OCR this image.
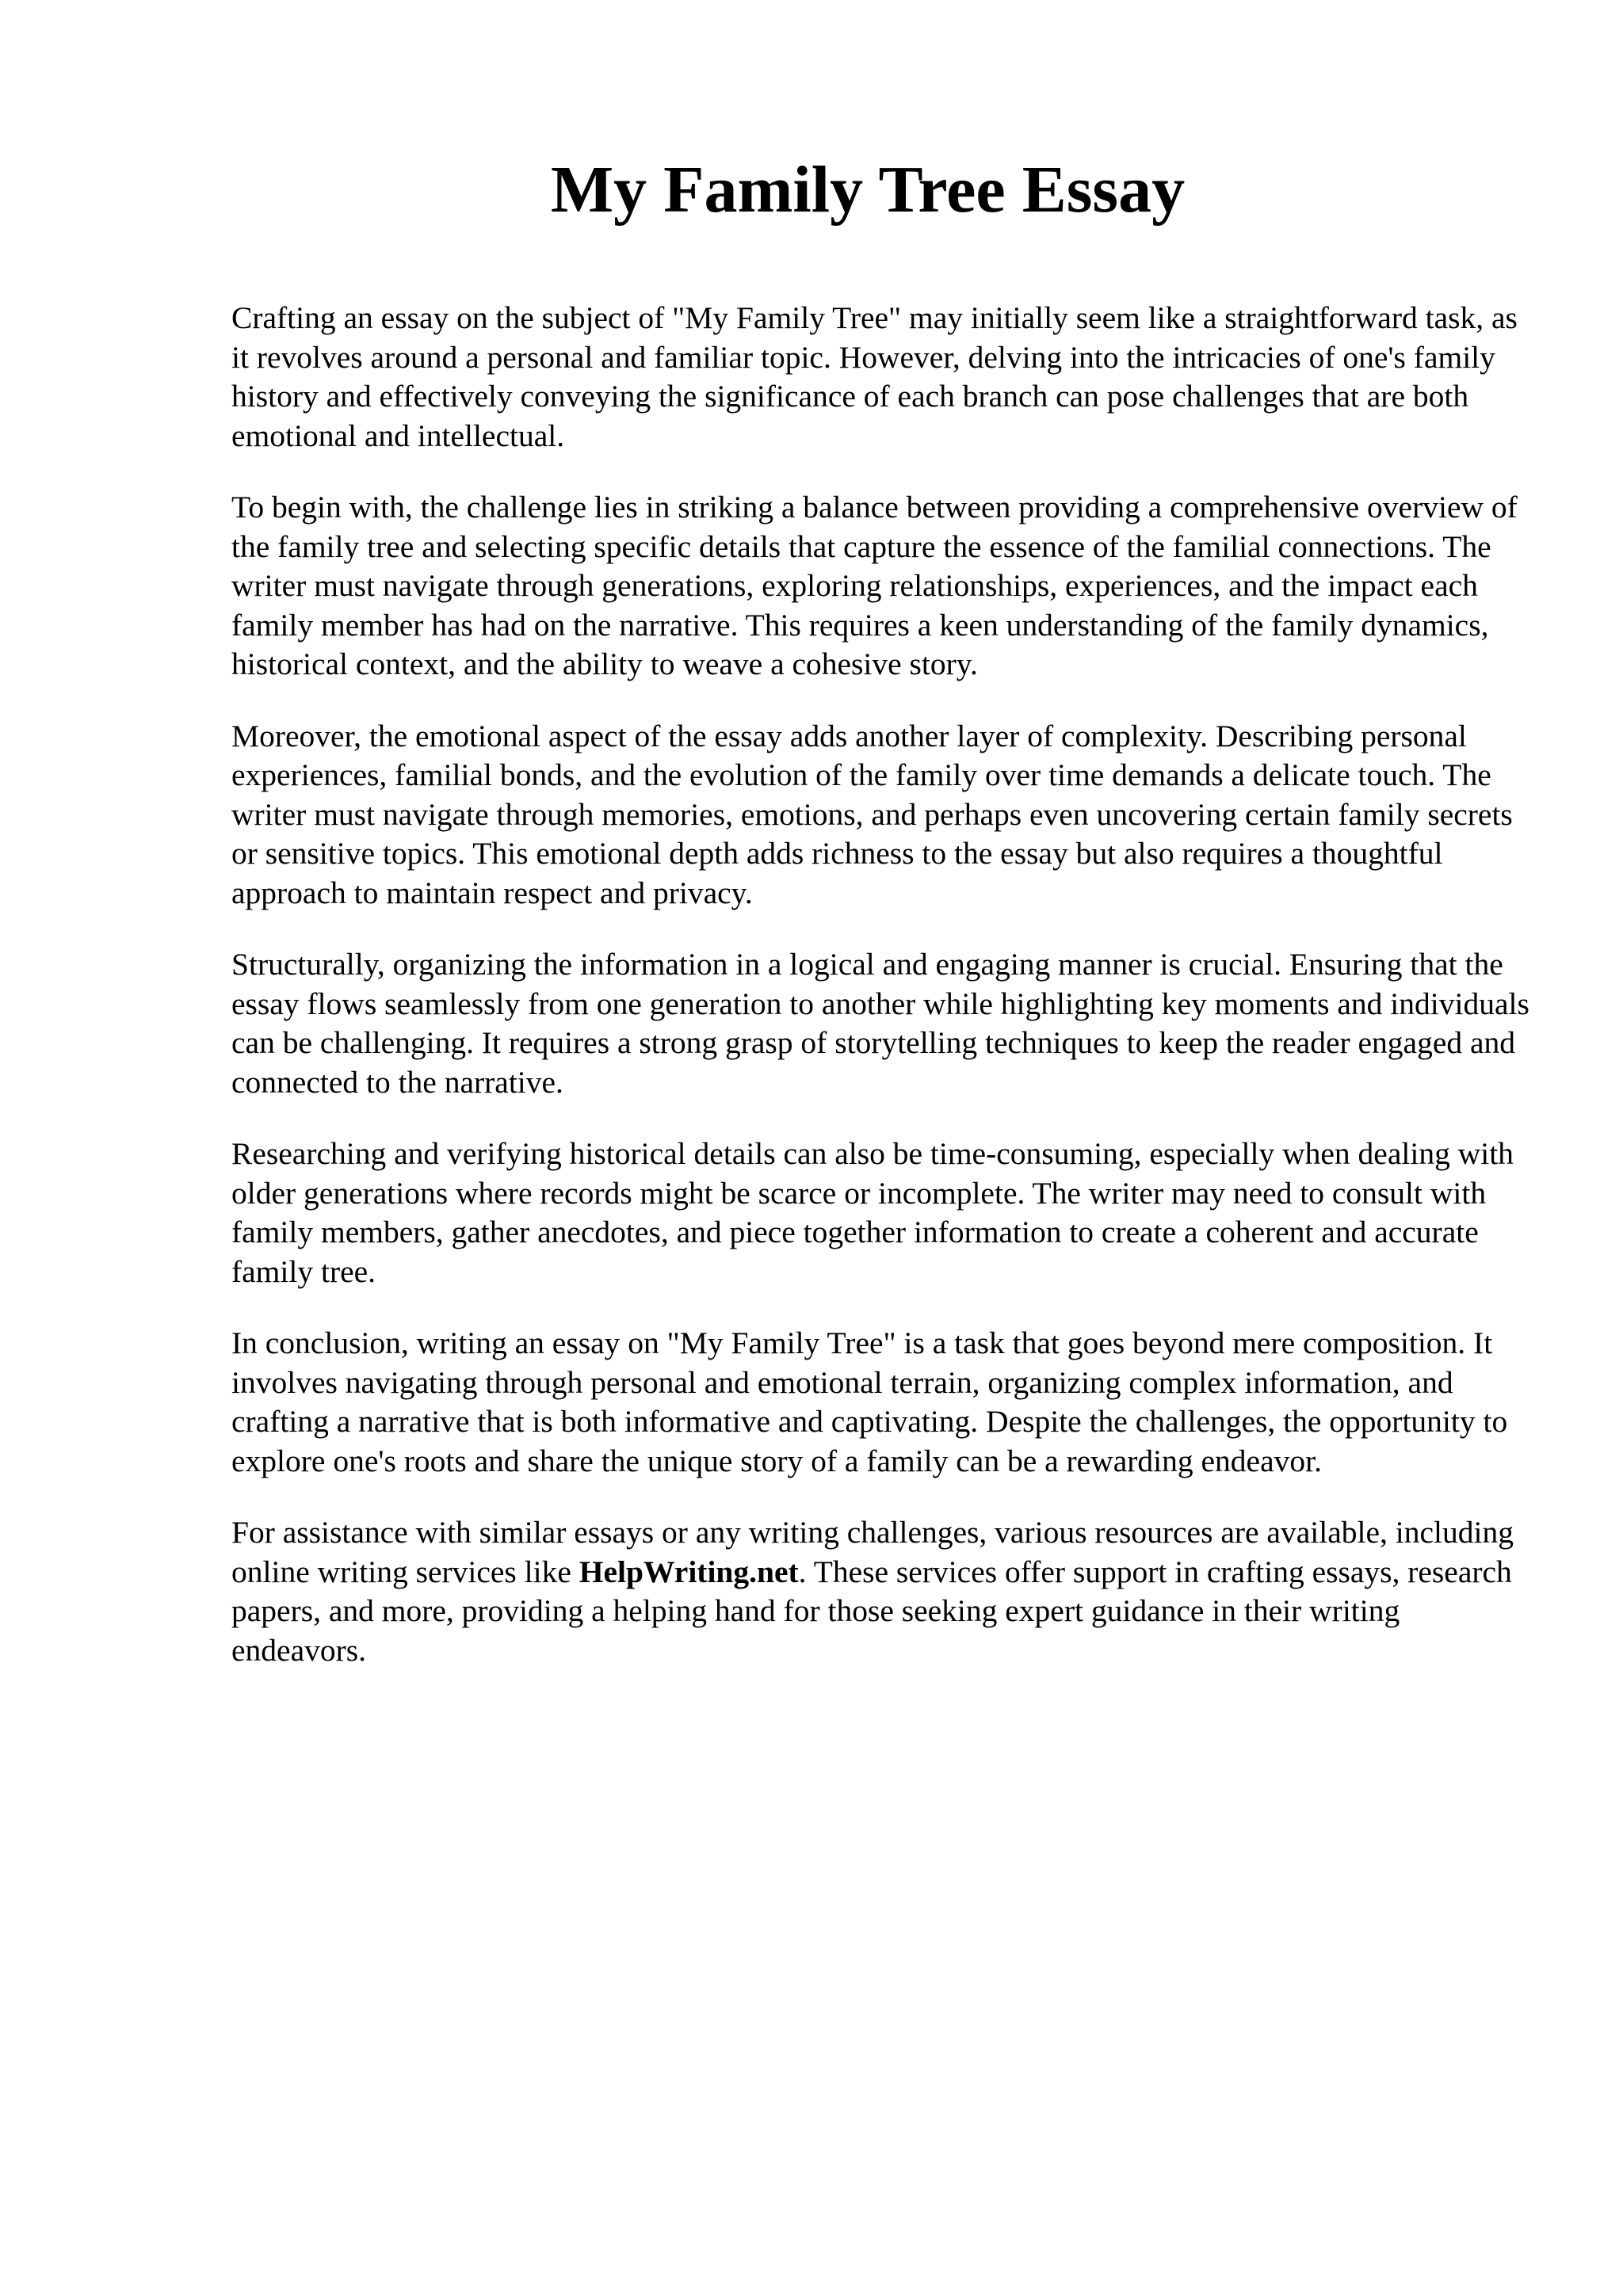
My Family Tree Essay

Crafting an essay on the subject of "My Family Tree" may initially seem like a straightforward task, as it revolves around a personal and familiar topic. However, delving into the intricacies of one's family history and effectively conveying the significance of each branch can pose challenges that are both emotional and intellectual.

To begin with, the challenge lies in striking a balance between providing a comprehensive overview of the family tree and selecting specific details that capture the essence of the familial connections. The writer must navigate through generations, exploring relationships, experiences, and the impact each family member has had on the narrative. This requires a keen understanding of the family dynamics, historical context, and the ability to weave a cohesive story.

Moreover, the emotional aspect of the essay adds another layer of complexity. Describing personal experiences, familial bonds, and the evolution of the family over time demands a delicate touch. The writer must navigate through memories, emotions, and perhaps even uncovering certain family secrets or sensitive topics. This emotional depth adds richness to the essay but also requires a thoughtful approach to maintain respect and privacy.

Structurally, organizing the information in a logical and engaging manner is crucial. Ensuring that the essay flows seamlessly from one generation to another while highlighting key moments and individuals can be challenging. It requires a strong grasp of storytelling techniques to keep the reader engaged and connected to the narrative.

Researching and verifying historical details can also be time-consuming, especially when dealing with older generations where records might be scarce or incomplete. The writer may need to consult with family members, gather anecdotes, and piece together information to create a coherent and accurate family tree.

In conclusion, writing an essay on "My Family Tree" is a task that goes beyond mere composition. It involves navigating through personal and emotional terrain, organizing complex information, and crafting a narrative that is both informative and captivating. Despite the challenges, the opportunity to explore one's roots and share the unique story of a family can be a rewarding endeavor.

For assistance with similar essays or any writing challenges, various resources are available, including online writing services like HelpWriting.net. These services offer support in crafting essays, research papers, and more, providing a helping hand for those seeking expert guidance in their writing endeavors.
